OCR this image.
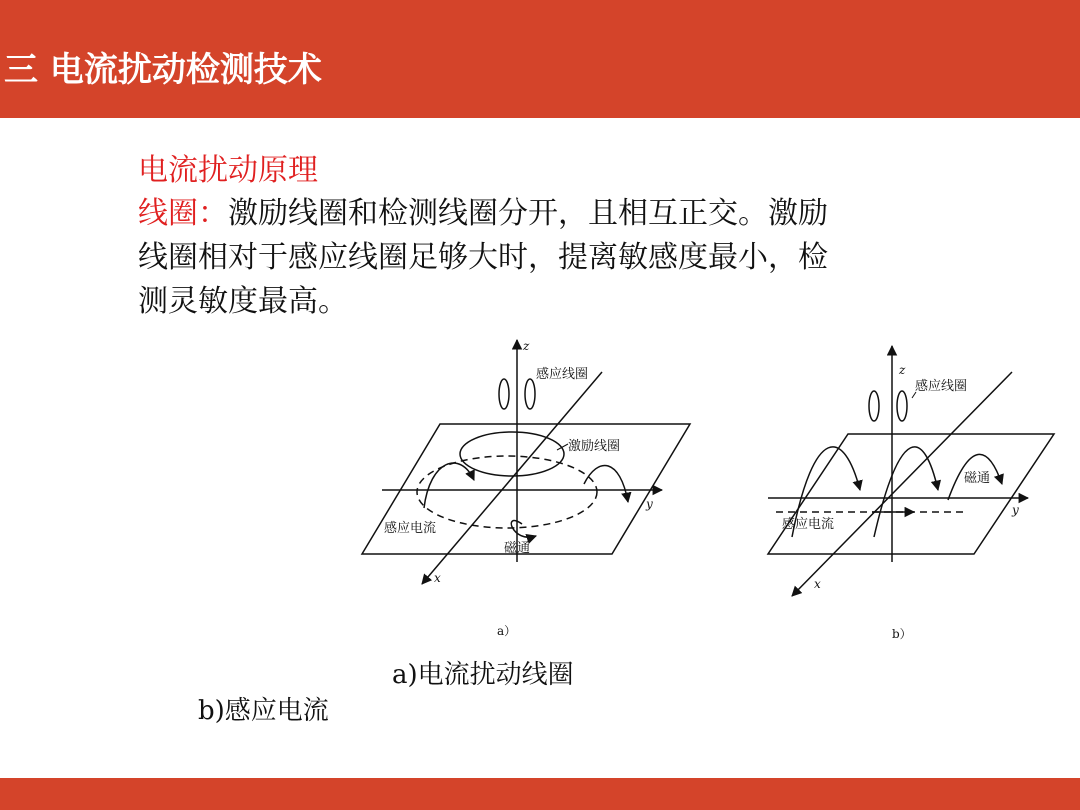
三 电流扰动检测技术
电流扰动原理
线圈：激励线圈和检测线圈分开，且相互正交。激励
线圈相对于感应线圈足够大时，提离敏感度最小，检
测灵敏度最高。
z
y
x
感应线圈
激励线圈
感应电流
磁通
a）
z
y
x
感应线圈
磁通
感应电流
b）

a)电流扰动线圈

b)感应电流
